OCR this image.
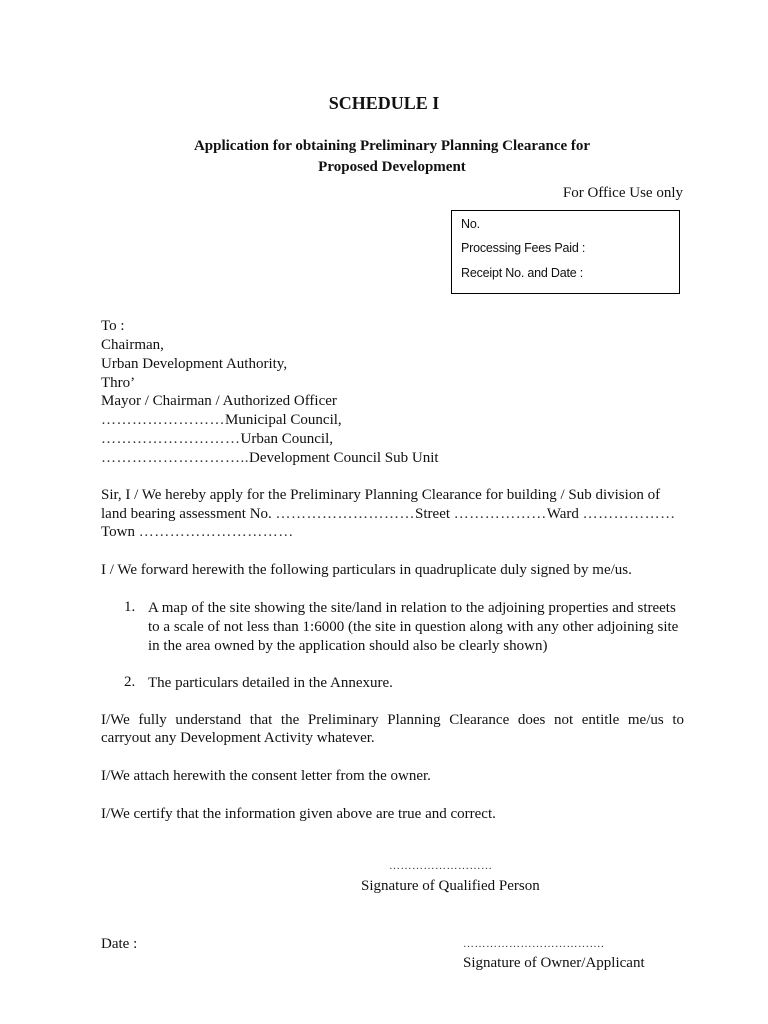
SCHEDULE I
Application for obtaining Preliminary Planning Clearance for
Proposed Development
For Office Use only
No.
Processing Fees Paid :
Receipt No. and Date :
To :
Chairman,
Urban Development Authority,
Thro’
Mayor / Chairman / Authorized Officer
……………………Municipal Council,
………………………Urban Council,
………………………..Development Council Sub Unit
Sir, I / We hereby apply for the Preliminary Planning Clearance for building / Sub division of
land bearing assessment No. ………………………Street ………………Ward ………………
Town …………………………
I / We forward herewith the following particulars in quadruplicate duly signed by me/us.
1. A map of the site showing the site/land in relation to the adjoining properties and streets
to a scale of not less than 1:6000 (the site in question along with any other adjoining site
in the area owned by the application should also be clearly shown)
2. The particulars detailed in the Annexure.
I/We fully understand that the Preliminary Planning Clearance does not entitle me/us to
carryout any Development Activity whatever.
I/We attach herewith the consent letter from the owner.
I/We certify that the information given above are true and correct.
………………………
Signature of Qualified Person
Date :	……………………………….
Signature of Owner/Applicant
